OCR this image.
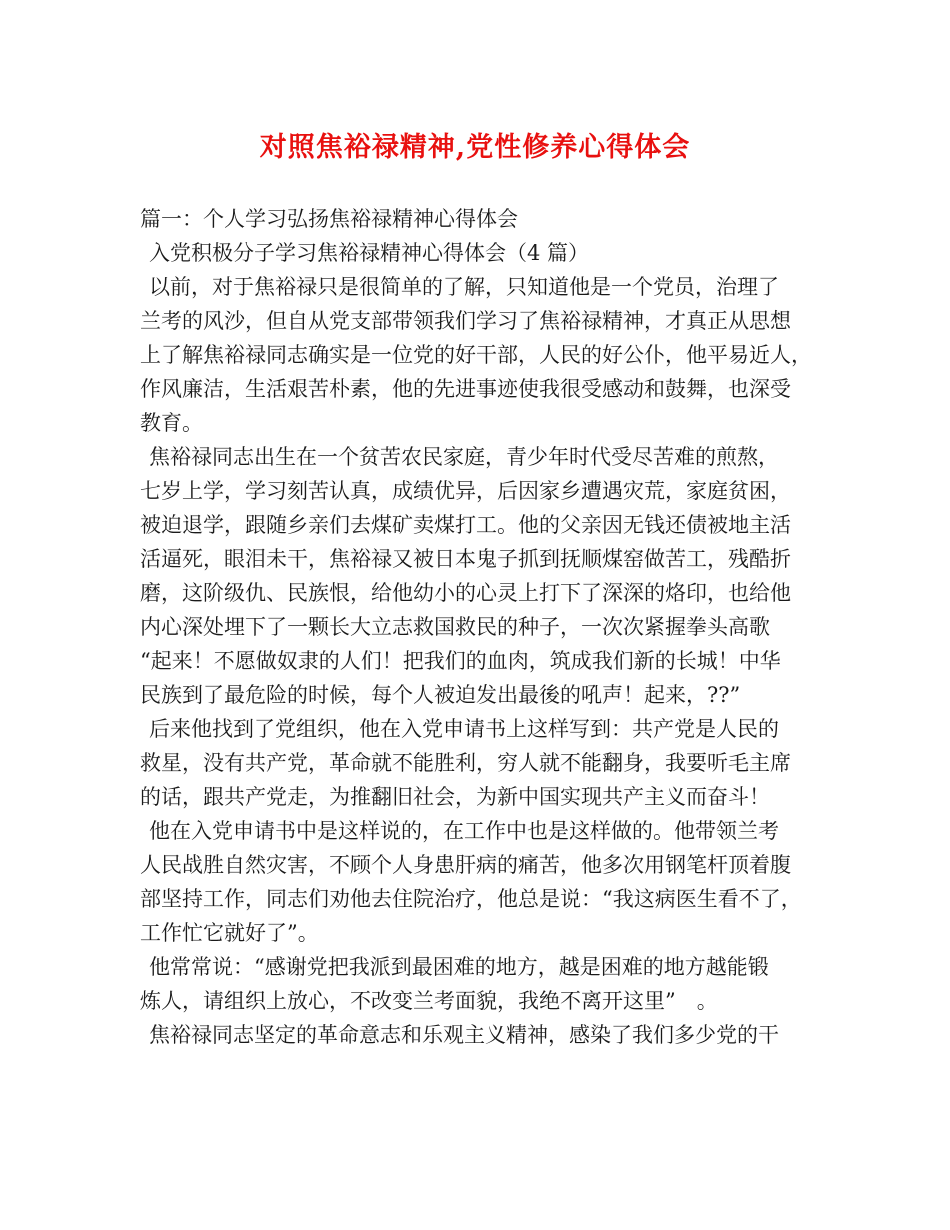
对照焦裕禄精神,党性修养心得体会
篇一：个人学习弘扬焦裕禄精神心得体会
入党积极分子学习焦裕禄精神心得体会（4 篇）
以前，对于焦裕禄只是很简单的了解，只知道他是一个党员，治理了
兰考的风沙，但自从党支部带领我们学习了焦裕禄精神，才真正从思想
上了解焦裕禄同志确实是一位党的好干部，人民的好公仆，他平易近人，
作风廉洁，生活艰苦朴素，他的先进事迹使我很受感动和鼓舞，也深受
教育。
焦裕禄同志出生在一个贫苦农民家庭，青少年时代受尽苦难的煎熬，
七岁上学，学习刻苦认真，成绩优异，后因家乡遭遇灾荒，家庭贫困，
被迫退学，跟随乡亲们去煤矿卖煤打工。他的父亲因无钱还债被地主活
活逼死，眼泪未干，焦裕禄又被日本鬼子抓到抚顺煤窑做苦工，残酷折
磨，这阶级仇、民族恨，给他幼小的心灵上打下了深深的烙印，也给他
内心深处埋下了一颗长大立志救国救民的种子，一次次紧握拳头高歌
“起来！不愿做奴隶的人们！把我们的血肉，筑成我们新的长城！中华
民族到了最危险的时候，每个人被迫发出最後的吼声！起来，??”
后来他找到了党组织，他在入党申请书上这样写到：共产党是人民的
救星，没有共产党，革命就不能胜利，穷人就不能翻身，我要听毛主席
的话，跟共产党走，为推翻旧社会，为新中国实现共产主义而奋斗！
他在入党申请书中是这样说的，在工作中也是这样做的。他带领兰考
人民战胜自然灾害，不顾个人身患肝病的痛苦，他多次用钢笔杆顶着腹
部坚持工作，同志们劝他去住院治疗，他总是说：“我这病医生看不了，
工作忙它就好了”。
他常常说：“感谢党把我派到最困难的地方，越是困难的地方越能锻
炼人，请组织上放心，不改变兰考面貌，我绝不离开这里”　。
焦裕禄同志坚定的革命意志和乐观主义精神，感染了我们多少党的干
